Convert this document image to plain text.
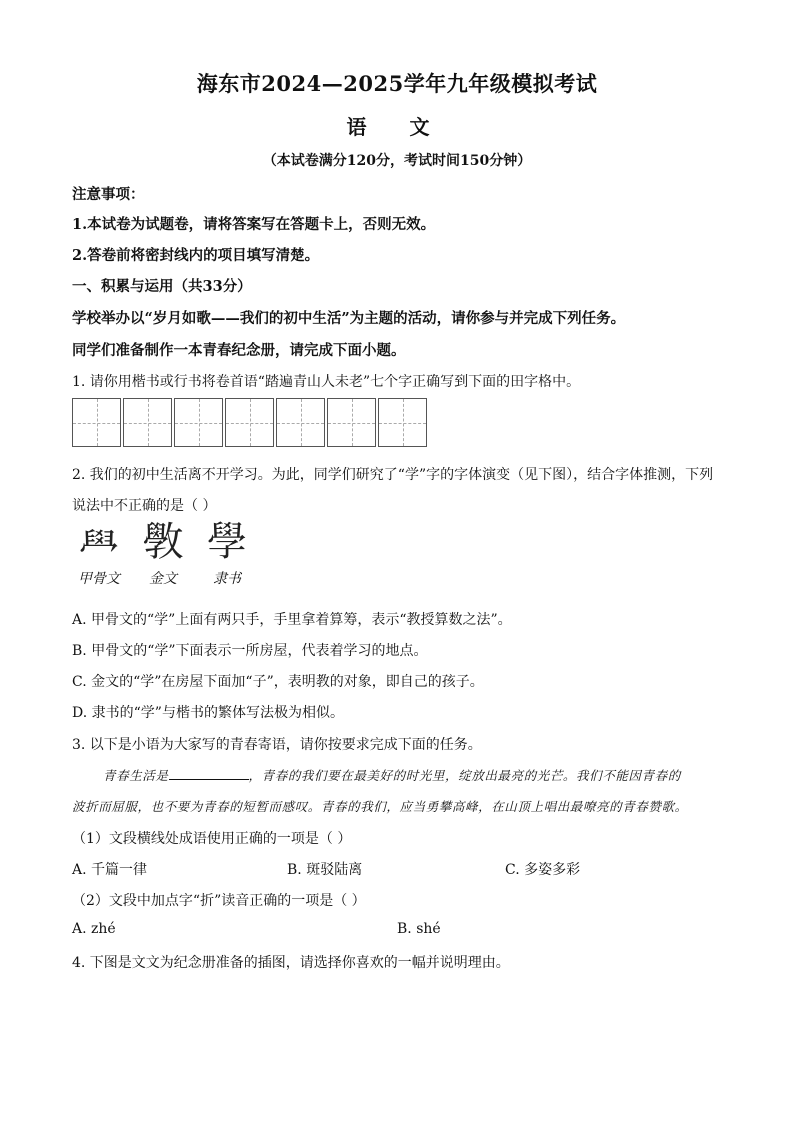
海东市2024—2025学年九年级模拟考试
语 文
（本试卷满分120分，考试时间150分钟）
注意事项：
1.本试卷为试题卷，请将答案写在答题卡上，否则无效。
2.答卷前将密封线内的项目填写清楚。
一、积累与运用（共33分）
学校举办以“岁月如歌——我们的初中生活”为主题的活动，请你参与并完成下列任务。
同学们准备制作一本青春纪念册，请完成下面小题。
1. 请你用楷书或行书将卷首语“踏遍青山人未老”七个字正确写到下面的田字格中。
2. 我们的初中生活离不开学习。为此，同学们研究了“学”字的字体演变（见下图），结合字体推测，下列
说法中不正确的是（ ）
𦥯
甲骨文
斆
金文
學
隶书
A. 甲骨文的“学”上面有两只手，手里拿着算筹，表示“教授算数之法”。
B. 甲骨文的“学”下面表示一所房屋，代表着学习的地点。
C. 金文的“学”在房屋下面加“子”，表明教的对象，即自己的孩子。
D. 隶书的“学”与楷书的繁体写法极为相似。
3. 以下是小语为大家写的青春寄语，请你按要求完成下面的任务。
青春生活是	，青春的我们要在最美好的时光里，绽放出最亮的光芒。我们不能因青春的
波折而屈服，也不要为青春的短暂而感叹。青春的我们，应当勇攀高峰，在山顶上唱出最嘹亮的青春赞歌。
（1）文段横线处成语使用正确的一项是（ ）
A. 千篇一律	B. 斑驳陆离	C. 多姿多彩
（2）文段中加点字“折”读音正确的一项是（ ）
A. zhé	B. shé
4. 下图是文文为纪念册准备的插图，请选择你喜欢的一幅并说明理由。
